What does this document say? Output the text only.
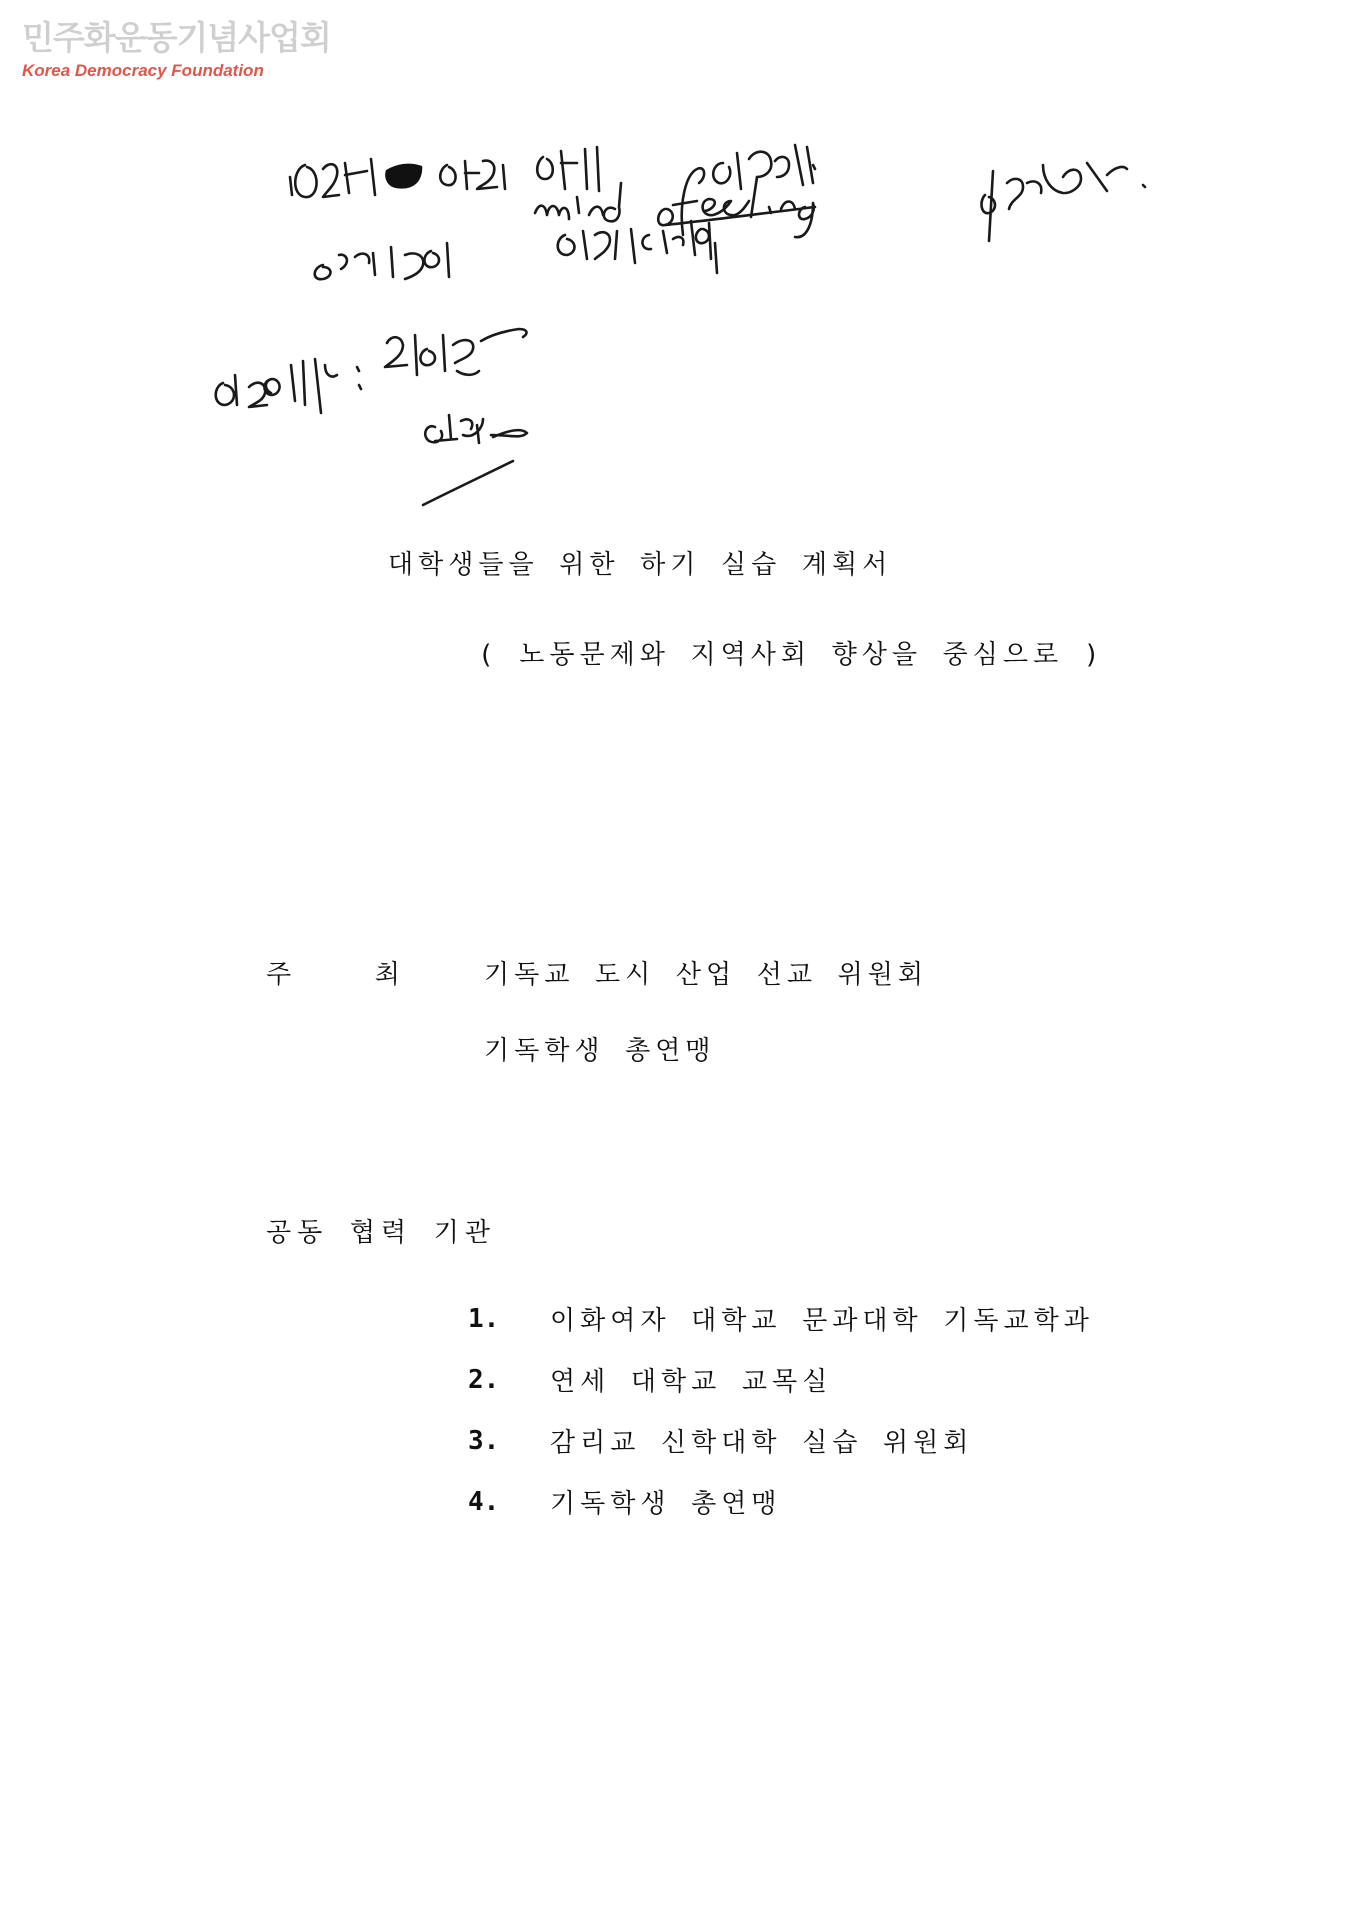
민주화운동기념사업회
Korea Democracy Foundation
대학생들을 위한 하기 실습 계획서
( 노동문제와 지역사회 향상을 중심으로 )
주 최 기독교 도시 산업 선교 위원회
기독학생 총연맹
공동 협력 기관
1.	이화여자 대학교 문과대학 기독교학과
2.	연세 대학교 교목실
3.	감리교 신학대학 실습 위원회
4.	기독학생 총연맹
